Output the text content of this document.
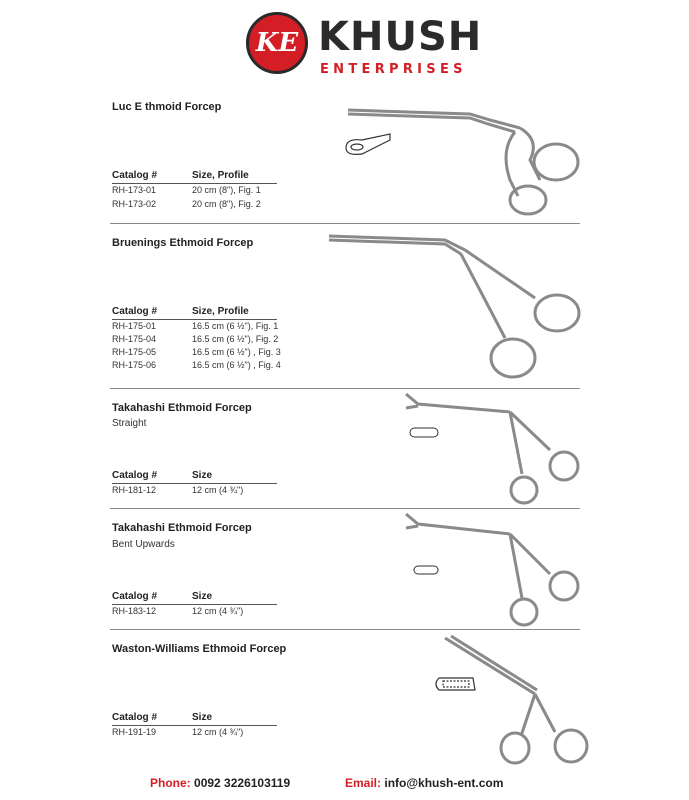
KE KHUSH
ENTERPRISES
Luc E thmoid Forcep
Catalog #	Size, Profile
RH-173-01	20 cm (8"), Fig. 1
RH-173-02	20 cm (8"), Fig. 2
Bruenings Ethmoid Forcep
Catalog #	Size, Profile
RH-175-01	16.5 cm (6 ½"), Fig. 1
RH-175-04	16.5 cm (6 ½"), Fig. 2
RH-175-05	16.5 cm (6 ½") , Fig. 3
RH-175-06	16.5 cm (6 ½") , Fig. 4
Takahashi Ethmoid Forcep
Straight
Catalog #	Size
RH-181-12	12 cm (4 ¾")
Takahashi Ethmoid Forcep
Bent Upwards
Catalog #	Size
RH-183-12	12 cm (4 ¾")
Waston-Williams Ethmoid Forcep
Catalog #	Size
RH-191-19	12 cm (4 ¾")
Phone: 0092 3226103119	Email: info@khush-ent.com
